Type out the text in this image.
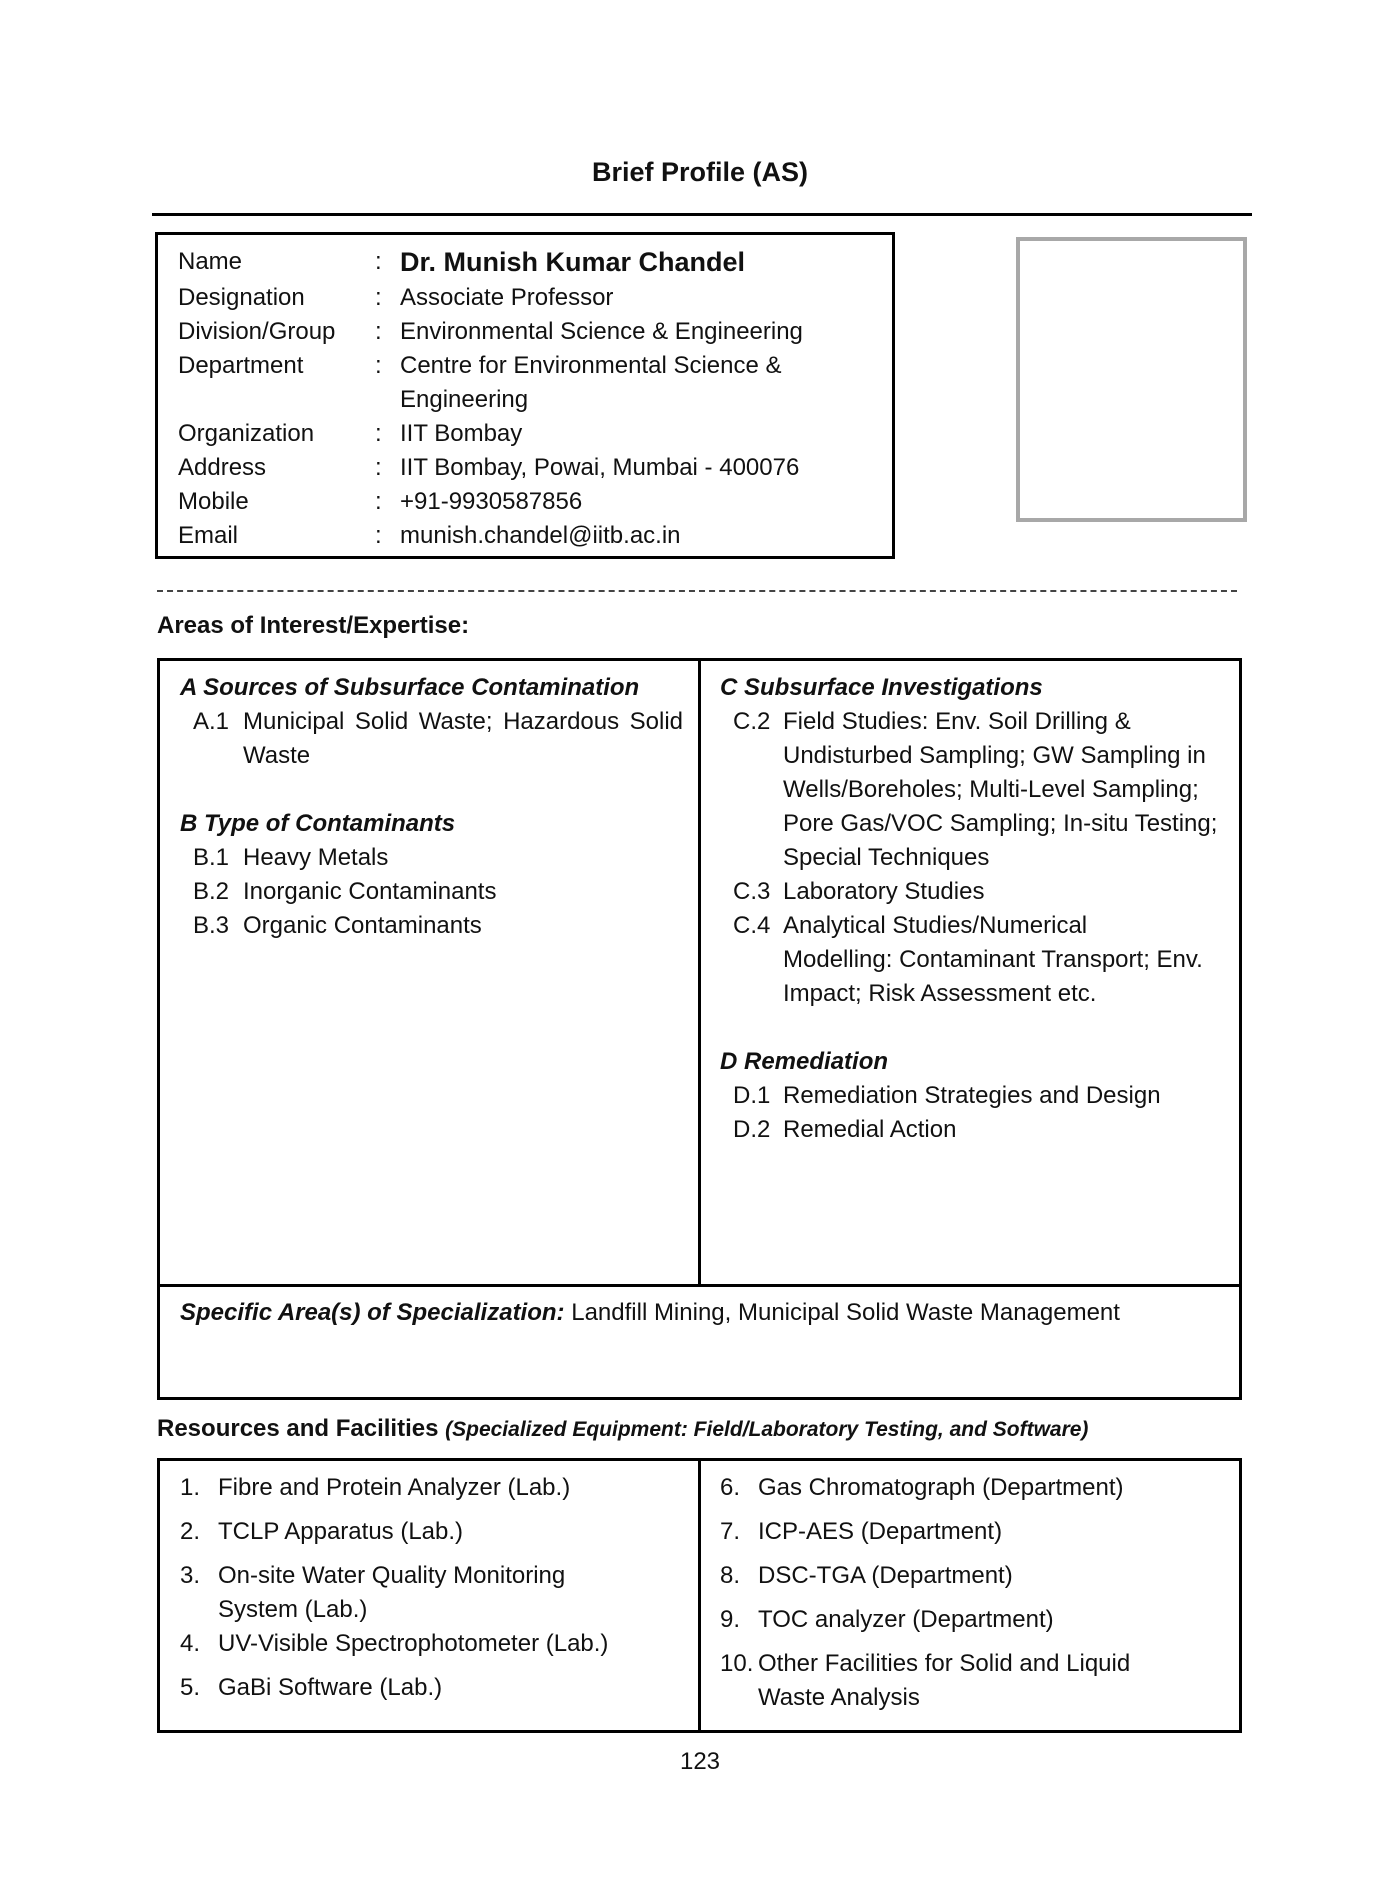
Brief Profile (AS)
Name	: Dr. Munish Kumar Chandel
Designation	: Associate Professor
Division/Group	: Environmental Science & Engineering
Department	: Centre for Environmental Science & Engineering
Organization	: IIT Bombay
Address	: IIT Bombay, Powai, Mumbai - 400076
Mobile	: +91-9930587856
Email	: munish.chandel@iitb.ac.in
Areas of Interest/Expertise:
A Sources of Subsurface Contamination
A.1 Municipal Solid Waste; Hazardous Solid Waste
B Type of Contaminants
B.1 Heavy Metals
B.2 Inorganic Contaminants
B.3 Organic Contaminants
C Subsurface Investigations
C.2 Field Studies: Env. Soil Drilling & Undisturbed Sampling; GW Sampling in Wells/Boreholes; Multi-Level Sampling; Pore Gas/VOC Sampling; In-situ Testing; Special Techniques
C.3 Laboratory Studies
C.4 Analytical Studies/Numerical Modelling: Contaminant Transport; Env. Impact; Risk Assessment etc.
D Remediation
D.1 Remediation Strategies and Design
D.2 Remedial Action
Specific Area(s) of Specialization: Landfill Mining, Municipal Solid Waste Management
Resources and Facilities (Specialized Equipment: Field/Laboratory Testing, and Software)
1. Fibre and Protein Analyzer (Lab.)
2. TCLP Apparatus (Lab.)
3. On-site Water Quality Monitoring System (Lab.)
4. UV-Visible Spectrophotometer (Lab.)
5. GaBi Software (Lab.)
6. Gas Chromatograph (Department)
7. ICP-AES (Department)
8. DSC-TGA (Department)
9. TOC analyzer (Department)
10. Other Facilities for Solid and Liquid Waste Analysis
123
